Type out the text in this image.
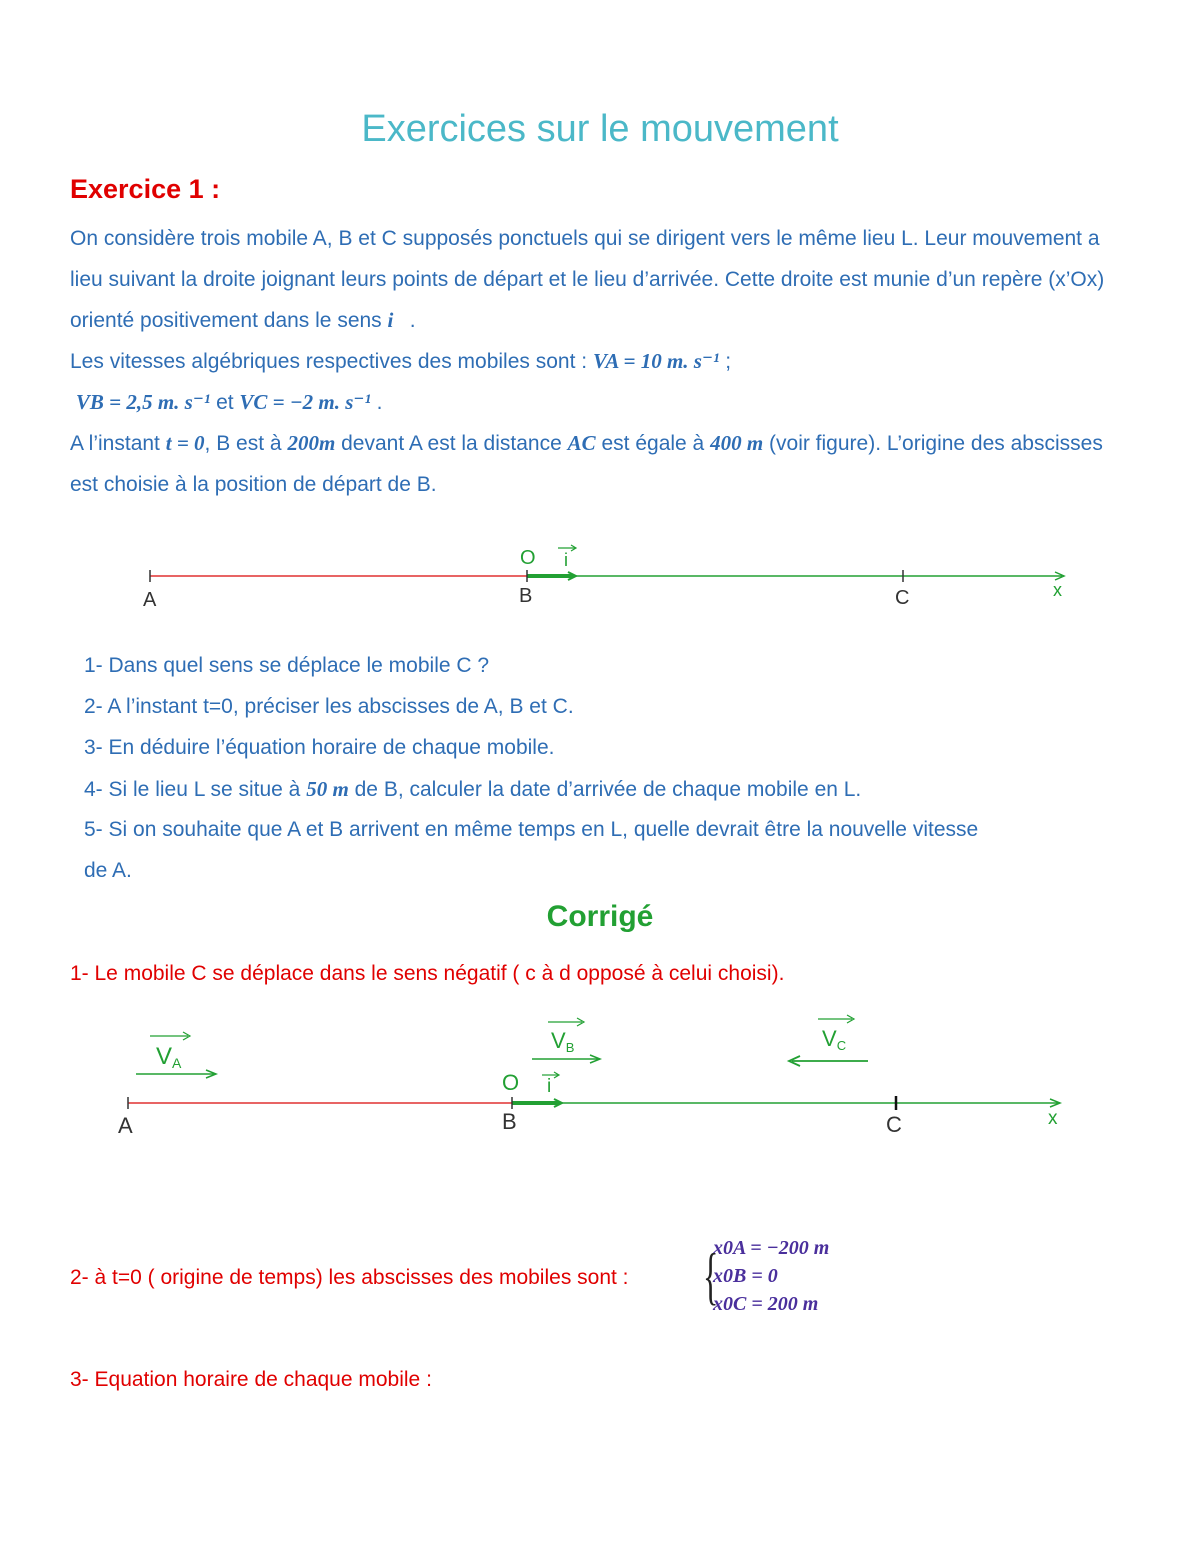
Exercices sur le mouvement
Exercice 1 :
On considère trois mobile A, B et C supposés ponctuels qui se dirigent vers le même lieu L. Leur mouvement a lieu suivant la droite joignant leurs points de départ et le lieu d’arrivée. Cette droite est munie d’un repère (x’Ox) orienté positivement dans le sens i⃗.
Les vitesses algébriques respectives des mobiles sont : VA = 10 m. s⁻¹ ;
VB = 2,5 m. s⁻¹ et VC = −2 m. s⁻¹ .
A l’instant t = 0, B est à 200m devant A est la distance AC est égale à 400 m (voir figure). L’origine des abscisses est choisie à la position de départ de B.
A	B	C
O i
x
1- Dans quel sens se déplace le mobile C ?
2- A l’instant t=0, préciser les abscisses de A, B et C.
3- En déduire l’équation horaire de chaque mobile.
4- Si le lieu L se situe à 50 m de B, calculer la date d’arrivée de chaque mobile en L.
5- Si on souhaite que A et B arrivent en même temps en L, quelle devrait être la nouvelle vitesse
de A.
Corrigé
1- Le mobile C se déplace dans le sens négatif ( c à d opposé à celui choisi).
VA
VB	VC
A	B	C
O i
x
2- à t=0 ( origine de temps) les abscisses des mobiles sont : {
x0A = −200 m
x0B = 0
x0C = 200 m
3- Equation horaire de chaque mobile :
